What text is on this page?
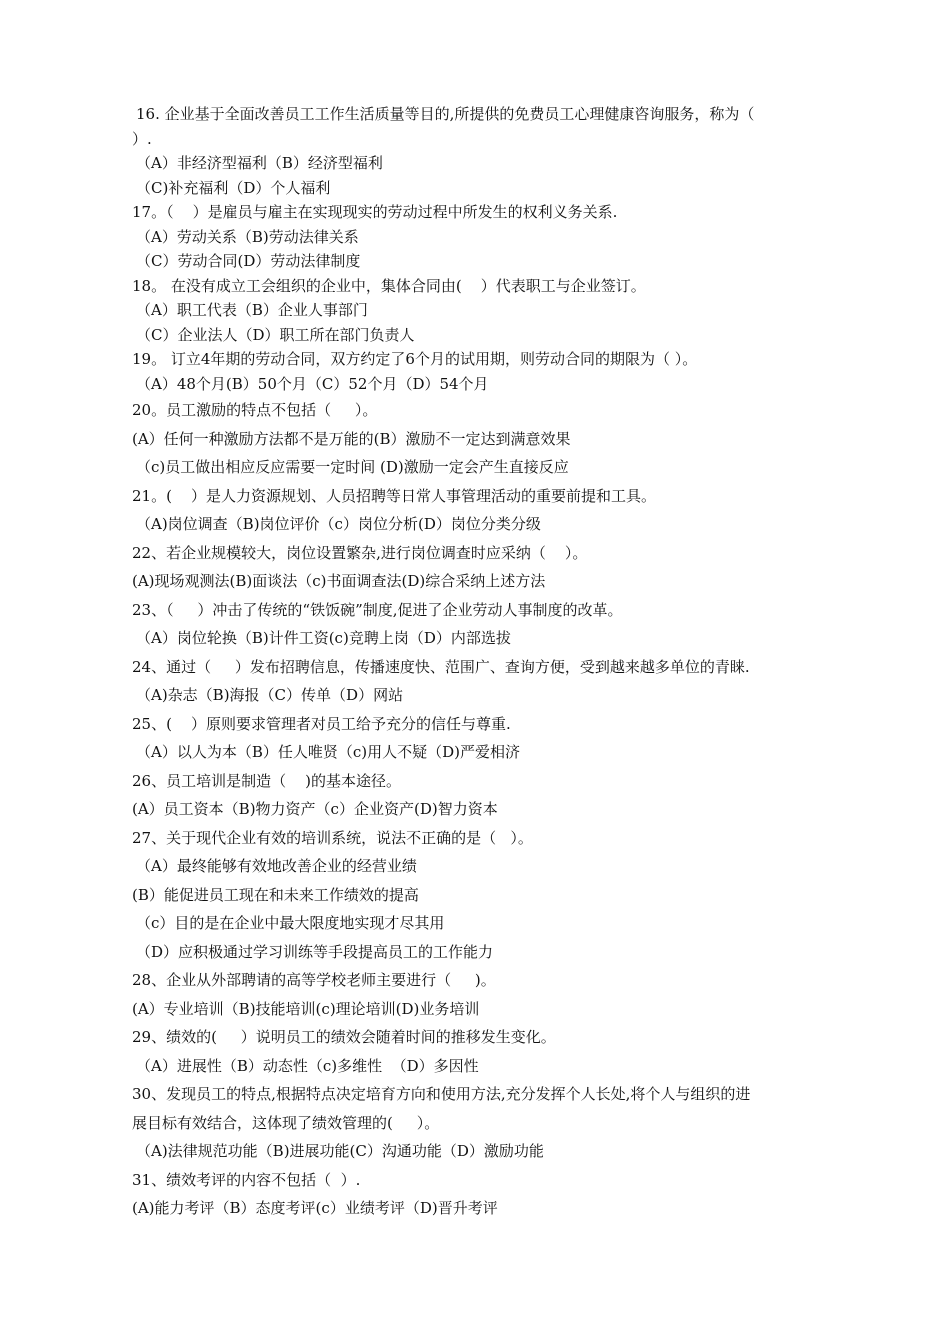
16. 企业基于全面改善员工工作生活质量等目的,所提供的免费员工心理健康咨询服务，称为（
）.
（A）非经济型福利（B）经济型福利
（C)补充福利（D）个人福利
17。（    ）是雇员与雇主在实现现实的劳动过程中所发生的权利义务关系.
（A）劳动关系（B)劳动法律关系
（C）劳动合同(D）劳动法律制度
18。 在没有成立工会组织的企业中，集体合同由(    ）代表职工与企业签订。
（A）职工代表（B）企业人事部门
（C）企业法人（D）职工所在部门负责人
19。 订立4年期的劳动合同，双方约定了6个月的试用期，则劳动合同的期限为（ ）。
（A）48个月(B）50个月（C）52个月（D）54个月
20。员工激励的特点不包括（     ）。
(A）任何一种激励方法都不是万能的(B）激励不一定达到满意效果
（c)员工做出相应反应需要一定时间 (D)激励一定会产生直接反应
21。(    ）是人力资源规划、人员招聘等日常人事管理活动的重要前提和工具。
（A)岗位调查（B)岗位评价（c）岗位分析(D）岗位分类分级
22、若企业规模较大，岗位设置繁杂,进行岗位调查时应采纳（    ）。
(A)现场观测法(B)面谈法（c)书面调查法(D)综合采纳上述方法
23、（     ）冲击了传统的“铁饭碗”制度,促进了企业劳动人事制度的改革。
（A）岗位轮换（B)计件工资(c)竞聘上岗（D）内部选拔
24、通过（     ）发布招聘信息，传播速度快、范围广、查询方便，受到越来越多单位的青睐.
（A)杂志（B)海报（C）传单（D）网站
25、(    ）原则要求管理者对员工给予充分的信任与尊重.
（A）以人为本（B）任人唯贤（c)用人不疑（D)严爱相济
26、员工培训是制造（    )的基本途径。
(A）员工资本（B)物力资产（c）企业资产(D)智力资本
27、关于现代企业有效的培训系统，说法不正确的是（   ）。
（A）最终能够有效地改善企业的经营业绩
(B）能促进员工现在和未来工作绩效的提高
（c）目的是在企业中最大限度地实现才尽其用
（D）应积极通过学习训练等手段提高员工的工作能力
28、企业从外部聘请的高等学校老师主要进行（     )。
(A）专业培训（B)技能培训(c)理论培训(D)业务培训
29、绩效的(     ）说明员工的绩效会随着时间的推移发生变化。
（A）进展性（B）动态性（c)多维性  （D）多因性
30、发现员工的特点,根据特点决定培育方向和使用方法,充分发挥个人长处,将个人与组织的进
展目标有效结合，这体现了绩效管理的(     ）。
（A)法律规范功能（B)进展功能(C）沟通功能（D）激励功能
31、绩效考评的内容不包括（  ）.
(A)能力考评（B）态度考评(c）业绩考评（D)晋升考评
